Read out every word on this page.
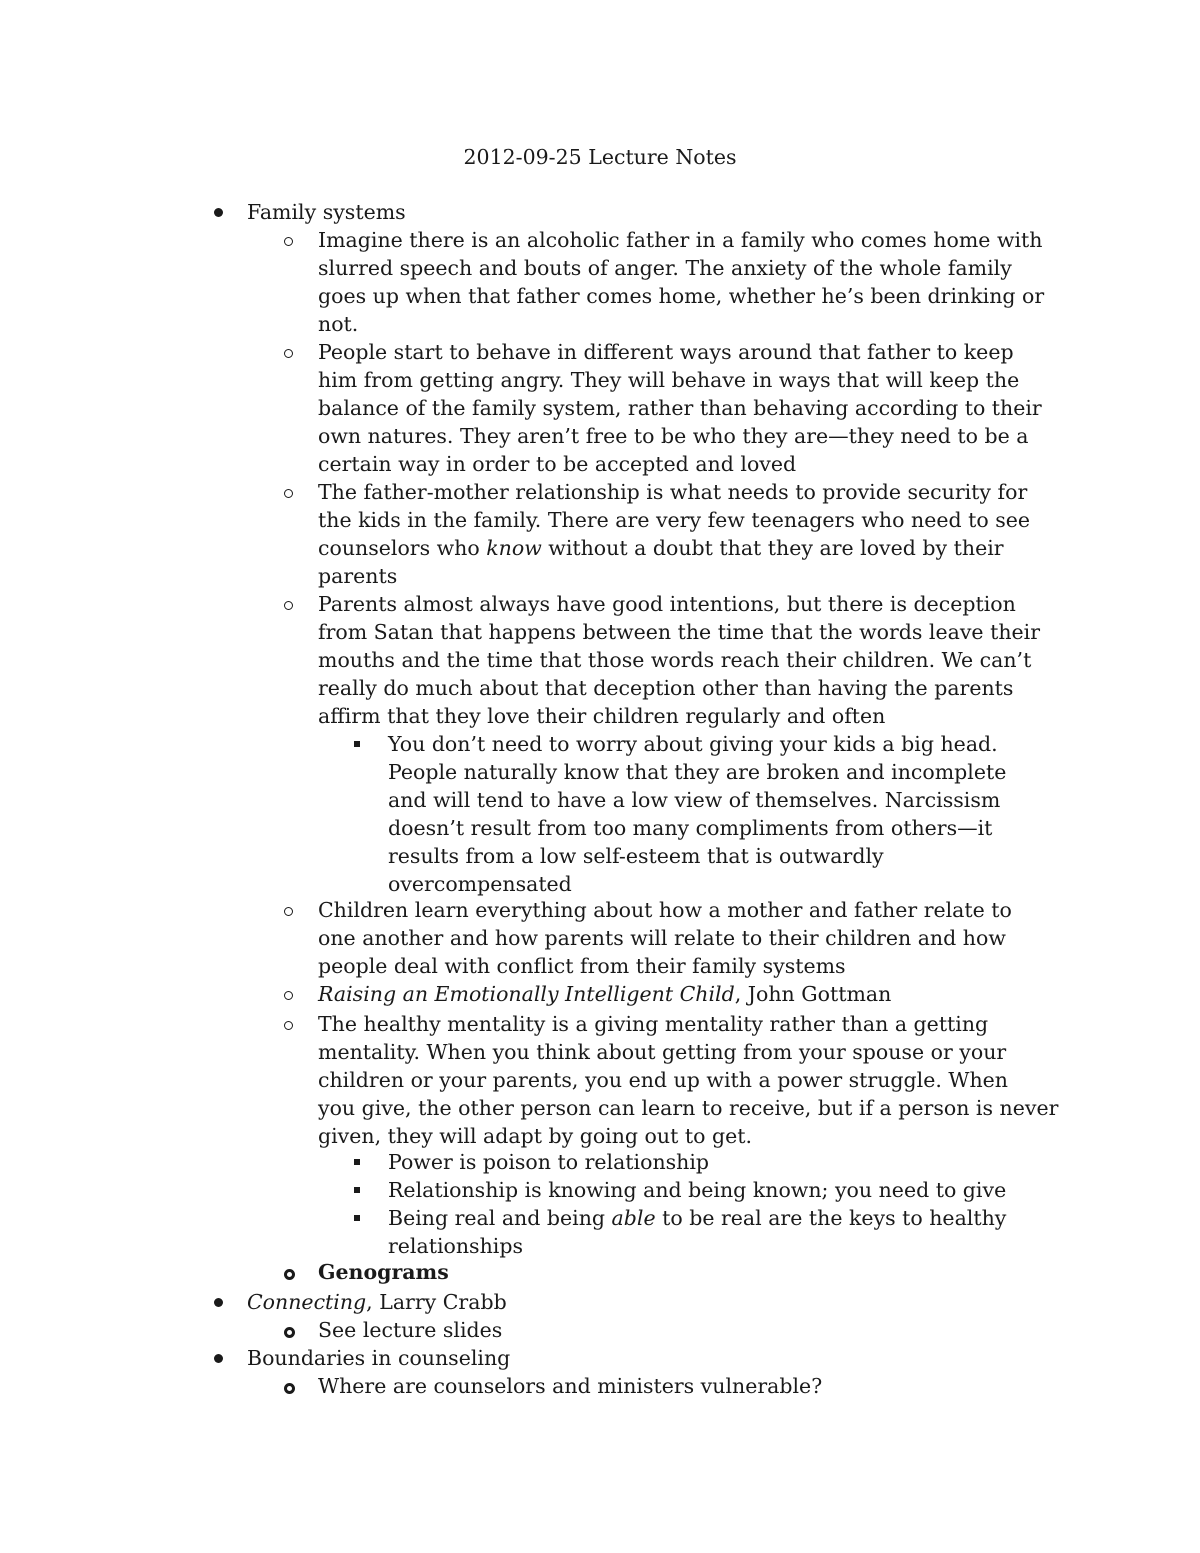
2012-09-25 Lecture Notes
Family systems
Imagine there is an alcoholic father in a family who comes home with
slurred speech and bouts of anger. The anxiety of the whole family
goes up when that father comes home, whether he’s been drinking or
not.
People start to behave in different ways around that father to keep
him from getting angry. They will behave in ways that will keep the
balance of the family system, rather than behaving according to their
own natures. They aren’t free to be who they are—they need to be a
certain way in order to be accepted and loved
The father-mother relationship is what needs to provide security for
the kids in the family. There are very few teenagers who need to see
counselors who know without a doubt that they are loved by their
parents
Parents almost always have good intentions, but there is deception
from Satan that happens between the time that the words leave their
mouths and the time that those words reach their children. We can’t
really do much about that deception other than having the parents
affirm that they love their children regularly and often
You don’t need to worry about giving your kids a big head.
People naturally know that they are broken and incomplete
and will tend to have a low view of themselves. Narcissism
doesn’t result from too many compliments from others—it
results from a low self-esteem that is outwardly
overcompensated
Children learn everything about how a mother and father relate to
one another and how parents will relate to their children and how
people deal with conflict from their family systems
Raising an Emotionally Intelligent Child, John Gottman
The healthy mentality is a giving mentality rather than a getting
mentality. When you think about getting from your spouse or your
children or your parents, you end up with a power struggle. When
you give, the other person can learn to receive, but if a person is never
given, they will adapt by going out to get.
Power is poison to relationship
Relationship is knowing and being known; you need to give
Being real and being able to be real are the keys to healthy
relationships
Genograms
Connecting, Larry Crabb
See lecture slides
Boundaries in counseling
Where are counselors and ministers vulnerable?
